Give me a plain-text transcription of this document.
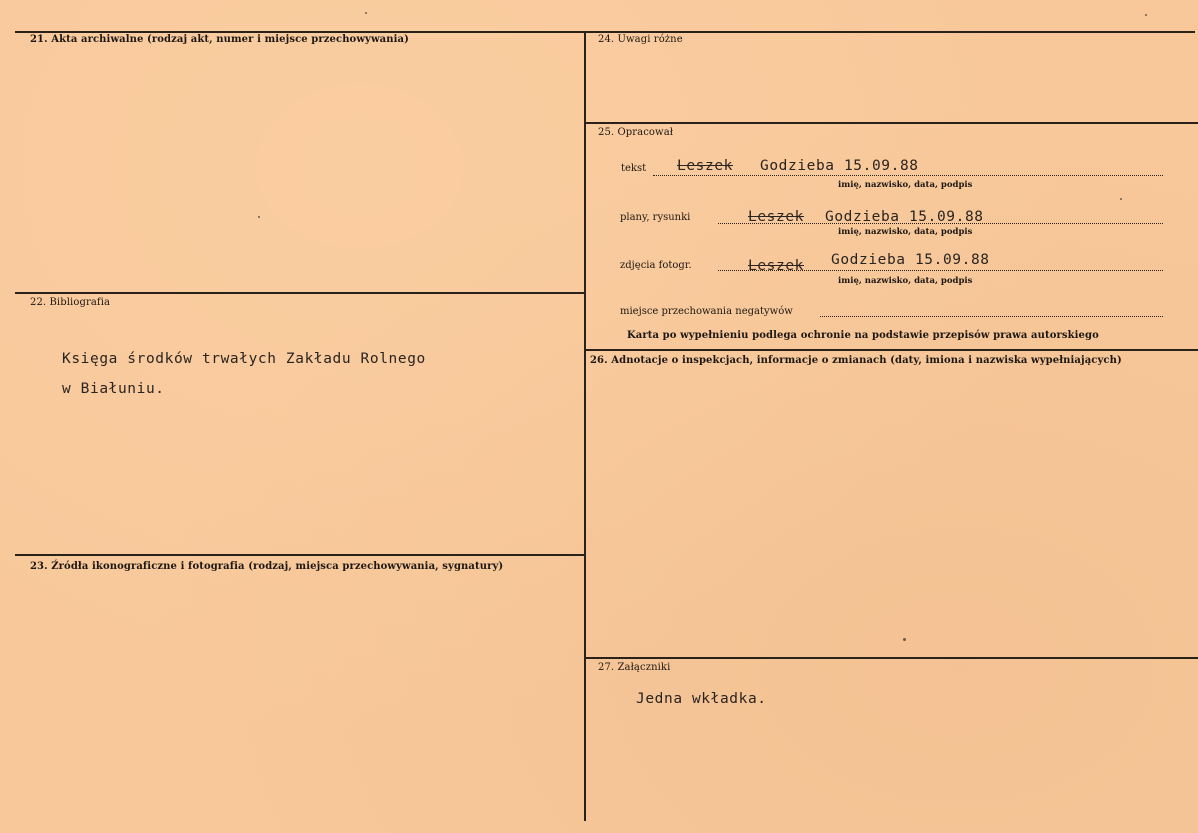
21. Akta archiwalne (rodzaj akt, numer i miejsce przechowywania)
22. Bibliografia
Księga środków trwałych Zakładu Rolnego
w Białuniu.
23. Źródła ikonograficzne i fotografia (rodzaj, miejsca przechowywania, sygnatury)
24. Uwagi różne
25. Opracował
tekst Leszek Godzieba 15.09.88
imię, nazwisko, data, podpis
plany, rysunki	Leszek Godzieba 15.09.88
imię, nazwisko, data, podpis
zdjęcia fotogr.	Leszek Godzieba 15.09.88
imię, nazwisko, data, podpis
miejsce przechowania negatywów
Karta po wypełnieniu podlega ochronie na podstawie przepisów prawa autorskiego
26. Adnotacje o inspekcjach, informacje o zmianach (daty, imiona i nazwiska wypełniających)
27. Załączniki
Jedna wkładka.
